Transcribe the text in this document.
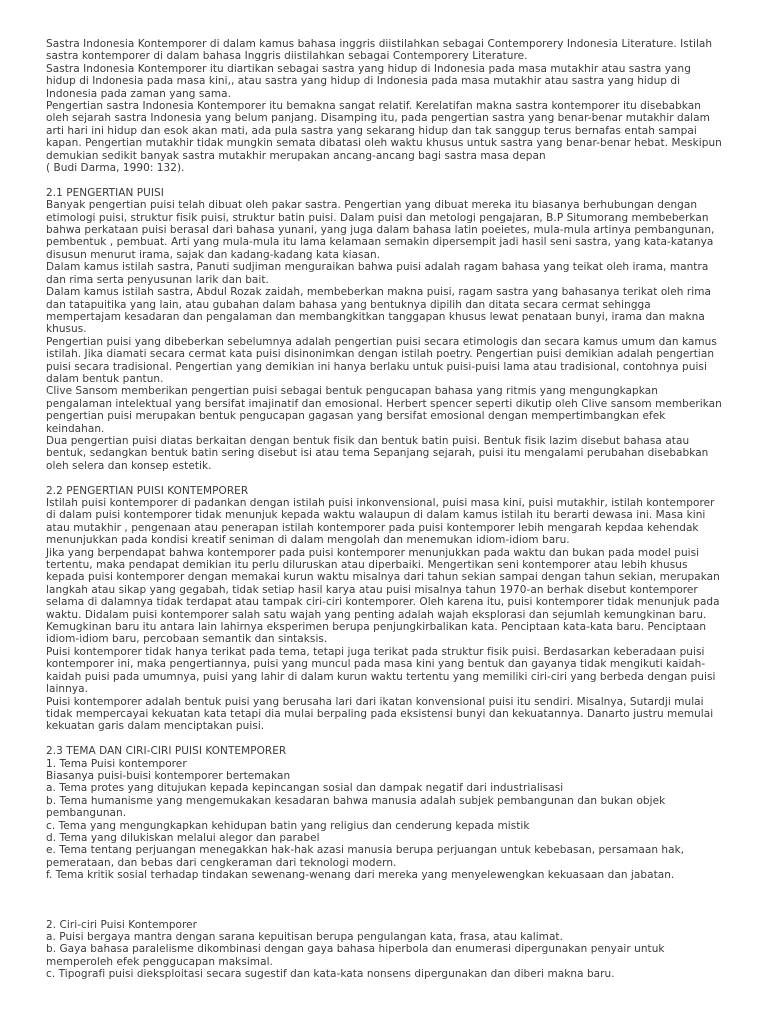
Sastra Indonesia Kontemporer di dalam kamus bahasa inggris diistilahkan sebagai Contemporery Indonesia Literature. Istilah sastra kontemporer di dalam bahasa Inggris diistilahkan sebagai Contemporery Literature.

Sastra Indonesia Kontemporer itu diartikan sebagai sastra yang hidup di Indonesia pada masa mutakhir atau sastra yang hidup di Indonesia pada masa kini,, atau sastra yang hidup di Indonesia pada masa mutakhir atau sastra yang hidup di Indonesia pada zaman yang sama.

Pengertian sastra Indonesia Kontemporer itu bemakna sangat relatif. Kerelatifan makna sastra kontemporer itu disebabkan oleh sejarah sastra Indonesia yang belum panjang. Disamping itu, pada pengertian sastra yang benar-benar mutakhir dalam arti hari ini hidup dan esok akan mati, ada pula sastra yang sekarang hidup dan tak sanggup terus bernafas entah sampai kapan. Pengertian mutakhir tidak mungkin semata dibatasi oleh waktu khusus untuk sastra yang benar-benar hebat. Meskipun demukian sedikit banyak sastra mutakhir merupakan ancang-ancang bagi sastra masa depan

( Budi Darma, 1990: 132).

2.1 PENGERTIAN PUISI

Banyak pengertian puisi telah dibuat oleh pakar sastra. Pengertian yang dibuat mereka itu biasanya berhubungan dengan etimologi puisi, struktur fisik puisi, struktur batin puisi. Dalam puisi dan metologi pengajaran, B.P Situmorang membeberkan bahwa perkataan puisi berasal dari bahasa yunani, yang juga dalam bahasa latin poeietes, mula-mula artinya pembangunan, pembentuk , pembuat. Arti yang mula-mula itu lama kelamaan semakin dipersempit jadi hasil seni sastra, yang kata-katanya disusun menurut irama, sajak dan kadang-kadang kata kiasan.

Dalam kamus istilah sastra, Panuti sudjiman menguraikan bahwa puisi adalah ragam bahasa yang teikat oleh irama, mantra dan rima serta penyusunan larik dan bait.

Dalam kamus istilah sastra, Abdul Rozak zaidah, membeberkan makna puisi, ragam sastra yang bahasanya terikat oleh rima dan tatapuitika yang lain, atau gubahan dalam bahasa yang bentuknya dipilih dan ditata secara cermat sehingga mempertajam kesadaran dan pengalaman dan membangkitkan tanggapan khusus lewat penataan bunyi, irama dan makna khusus.

Pengertian puisi yang dibeberkan sebelumnya adalah pengertian puisi secara etimologis dan secara kamus umum dan kamus istilah. Jika diamati secara cermat kata puisi disinonimkan dengan istilah poetry. Pengertian puisi demikian adalah pengertian puisi secara tradisional. Pengertian yang demikian ini hanya berlaku untuk puisi-puisi lama atau tradisional, contohnya puisi dalam bentuk pantun.

Clive Sansom memberikan pengertian puisi sebagai bentuk pengucapan bahasa yang ritmis yang mengungkapkan pengalaman intelektual yang bersifat imajinatif dan emosional. Herbert spencer seperti dikutip oleh Clive sansom memberikan pengertian puisi merupakan bentuk pengucapan gagasan yang bersifat emosional dengan mempertimbangkan efek keindahan.

Dua pengertian puisi diatas berkaitan dengan bentuk fisik dan bentuk batin puisi. Bentuk fisik lazim disebut bahasa atau bentuk, sedangkan bentuk batin sering disebut isi atau tema Sepanjang sejarah, puisi itu mengalami perubahan disebabkan oleh selera dan konsep estetik.

2.2 PENGERTIAN PUISI KONTEMPORER

Istilah puisi kontemporer di padankan dengan istilah puisi inkonvensional, puisi masa kini, puisi mutakhir, istilah kontemporer di dalam puisi kontemporer tidak menunjuk kepada waktu walaupun di dalam kamus istilah itu berarti dewasa ini. Masa kini atau mutakhir , pengenaan atau penerapan istilah kontemporer pada puisi kontemporer lebih mengarah kepdaa kehendak menunjukkan pada kondisi kreatif seniman di dalam mengolah dan menemukan idiom-idiom baru.

Jika yang berpendapat bahwa kontemporer pada puisi kontemporer menunjukkan pada waktu dan bukan pada model puisi tertentu, maka pendapat demikian itu perlu diluruskan atau diperbaiki. Mengertikan seni kontemporer atau lebih khusus kepada puisi kontemporer dengan memakai kurun waktu misalnya dari tahun sekian sampai dengan tahun sekian, merupakan langkah atau sikap yang gegabah, tidak setiap hasil karya atau puisi misalnya tahun 1970-an berhak disebut kontemporer selama di dalamnya tidak terdapat atau tampak ciri-ciri kontemporer. Oleh karena itu, puisi kontemporer tidak menunjuk pada waktu. Didalam puisi kontemporer salah satu wajah yang penting adalah wajah eksplorasi dan sejumlah kemungkinan baru. Kemugkinan baru itu antara lain lahirnya eksperimen berupa penjungkirbalikan kata. Penciptaan kata-kata baru. Penciptaan idiom-idiom baru, percobaan semantik dan sintaksis.

Puisi kontemporer tidak hanya terikat pada tema, tetapi juga terikat pada struktur fisik puisi. Berdasarkan keberadaan puisi kontemporer ini, maka pengertiannya, puisi yang muncul pada masa kini yang bentuk dan gayanya tidak mengikuti kaidah-kaidah puisi pada umumnya, puisi yang lahir di dalam kurun waktu tertentu yang memiliki ciri-ciri yang berbeda dengan puisi lainnya.

Puisi kontemporer adalah bentuk puisi yang berusaha lari dari ikatan konvensional puisi itu sendiri. Misalnya, Sutardji mulai tidak mempercayai kekuatan kata tetapi dia mulai berpaling pada eksistensi bunyi dan kekuatannya. Danarto justru memulai kekuatan garis dalam menciptakan puisi.

2.3 TEMA DAN CIRI-CIRI PUISI KONTEMPORER

1. Tema Puisi kontemporer

Biasanya puisi-buisi kontemporer bertemakan

a. Tema protes yang ditujukan kepada kepincangan sosial dan dampak negatif dari industrialisasi

b. Tema humanisme yang mengemukakan kesadaran bahwa manusia adalah subjek pembangunan dan bukan objek pembangunan.

c. Tema yang mengungkapkan kehidupan batin yang religius dan cenderung kepada mistik

d. Tema yang dilukiskan melalui alegor dan parabel

e. Tema tentang perjuangan menegakkan hak-hak azasi manusia berupa perjuangan untuk kebebasan, persamaan hak, pemerataan, dan bebas dari cengkeraman dari teknologi modern.

f. Tema kritik sosial terhadap tindakan sewenang-wenang dari mereka yang menyelewengkan kekuasaan dan jabatan.

2. Ciri-ciri Puisi Kontemporer

a. Puisi bergaya mantra dengan sarana kepuitisan berupa pengulangan kata, frasa, atau kalimat.

b. Gaya bahasa paralelisme dikombinasi dengan gaya bahasa hiperbola dan enumerasi dipergunakan penyair untuk memperoleh efek penggucapan maksimal.

c. Tipografi puisi dieksploitasi secara sugestif dan kata-kata nonsens dipergunakan dan diberi makna baru.
